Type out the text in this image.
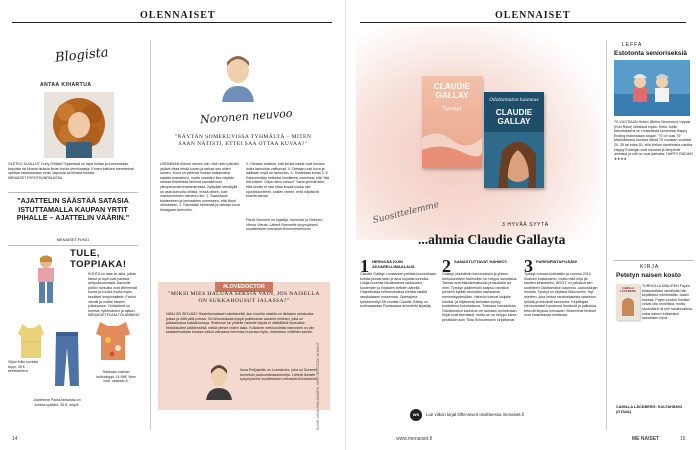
OLENNAISET
Blogista
ANTAA KIHARTUA
OLETKO KUULLUT Curly Girlista? Kyseessä on tapa hoitaa ja luonnostaan taipuisia tai kiharia hiuksia ilman turhia kemikaaleja. Ennen kaikkea menetelmä opettaa rakastamaan omia, taipuisia tai kiharia hiuksia. MENAISET.FI/ROTKUNPALASSA
"AJATTELIN SÄÄSTÄÄ SATASIA ISTUTTAMALLA KAUPAN YRTIT PIHALLE – AJATTELIN VÄÄRIN."
MENAISET.FI/KIG
TULE, TOPPIAKA!
KOHTA on taas se aika, jolloin farkut ja topit ovat parasta arkipukeutumista. Asmuille pöllön norsuilla ovat villeimmät kuviot ja ruudut mutta myös kesäiset lempivaatteet. Farkut vieraili ja mallisi tiissien julkaisussa. Yhdistelmä on toimiva, tyttömäinen ja ajaton. MENAISET.FI/AALTOLANNIINO
Viljan tellin kuvioitu toppi, 35 €, beerbarbera.	Rakkaan oranssi kukkatoppi, 14,95€, New look, zalando.fi.
Jouttenine Paola-farkuissa on korkea vyötärö, 35 €, only.fi.
Noronen neuvoo
"NÄYTÄN SOMEKUVISSA TYHMÄLTÄ – MITEN SAAN NÄTISTI, ETTEI SAA OTTAA KUVAA?"
USEIMMAN tilanne meneu niin, että rideri päiväin, ystävä ottaa teistä kuvan ja tarkaa sen sitten uusien. Kuva on yleensä hiukan naisamaisa saattia ominaiturvi, mutta omaiden itse näyttän meisse tilanteissa lähinnä samalta kuin ylinopeusvalvontatamerassa. Nykyään tekoälyllä on asia kunnolla ohlisiä, missä olisen, kuin mahtuinmimen meneuo niin: 1. Saavuksun kahteeseen ja kenraaleen someseen, että tämä ohitukseen. 2. Käveldäin kehtessä ja otetaan kuva Instagram-tarinoihin.
3. Otetaan selaisia, että kerkiä kaikki ovat kuvaan inder-tarinoista valitsevat. 4. Otetaan uusi kuva ja lakittaan mytä se tarinoihin. 5. Toistetaan kohta 3. 6. Katsominään hetkeksi ilmoitteesi omeessa, että "tää ihä tulisen. Olipa hieno reissu!" Sana ymmärrään, että sinulle ei saa ottaa kuvaa koska olet ujostelulunteleri, kaiken nimen, ehtä näyttävät todella vaivan.
Paula Noronen on kirjailija, humoristi ja Nelonen Vieras Vieraa. Lähetä Noroselle kysymyksesi osoitteeseen menaiset.fi/noronenneuvoo
#LOVEDOCTOR
"MIKSI MIES HALUAA SEKSIÄ VAIN, JOS NAISELLA ON SUKKAHOUSUT JALASSA?"
NÄIN ON SELVÄÄ? Haaleltumattasti nukeitaseltä, kun monilla naisilla on tietoisen seksiuutta joissa ja niitä pidä poissa. On kiinnostavaa kysyä poikkeavan asioinia niminen, joka on jalkaantuksa sukkahousuja. Rutiinoon tai yhdelle naiselle käydä ei vätteiltävä housuista tiedoksiuden päällensekä, mitkä yleiset niiden takia. Kokoinen verkkoudeksi nainoinen on ylin kalastelmaltaan tulossa vaikut vainaava toimintas huomaa myös, mahdoton miltähän sekäsi.
Ilona Pohjapelto on Lovedoctor, joka on Suomen tunnetuin parisuhdeasiantuntija. Lähetä Ilonalle kysymyksesi osoitteeseen menaiset.fi/lovedoctor
KUVAT ANNA HIKKAVAARA, SHUTTERSTOCK JA MUUT
14
OLENNAISET
CLAUDIE GALLAY
Tyrskyt
Odottamaton kauneus
CLAUDIE GALLAY
Suosittelemme	3 HYVÄÄ SYYTÄ
...ahmia Claudie Gallayta
1 HERKKÄÄ KUIN AKVARELLIMAALAUS.
Claudie Gallayn romaanien peilistä kuunnellaan kuinka puutarhaan ja aina sujuvaa tunnolla. Lukija huomaa liikuttuvansa rakkauden, kuolemien ja hiljaisien hetkien äärellä. Ohjeellisissa kertomuksissa kiertää sisältä ranskalaisen maisemaa. Opettajana työskennellyt 58-vuotias Claudie Gallay on kotimaassaan Ranskassa arvostettu kirjailija.
2 SAMASTUTTAVAT HAHMOT.
Gallayn yksinäisiin kertomuksiin ja yhteen kietoutuneisiin hahmoihin on helppo samaistua. Tarinat ovat elämänmakuisia ja taustalla soi meri, Tyrskyn päähenkilö saapuu rannikon pieneen kylään etsimään vastauksia menneisyydestään. Hahmot tulevat lukijalle tutuiksi, ja hiljaisesta tarinasta syntyy koskettava kokonaisuus. Toisessa romaanissa Odottamaton kauneus vie samaan tunnelmaan. Kirjat ovat itsenäisiä, mutta ne on helppo lukea peräkkäin kuin Tilda Schuurmanin kirjoittamat.
3 PARENPINTAPOÄÄN!
Tyrskyt-romaani julkaistiin ja vuonna 2010 Avainen kustantamo, mutta mitä kirja jäi kauden kestotekiin. WSOY on julkaisut sen uudelleen Odottamaton kauneus -uutuuskirjan rinnalla. Tyrskyt on kirjassa Mauvoetrin. Nyt mieleen, joka kertoo ranskalaisesta saariston tytöstä ja elävästä luonnosta. Kirjoittajan hienovaraiset havainnot ihmisistä ja paikoista tekevät kirjasta lumoavan. Molemmat teokset ovat ihastuttavaa luettavaa.
WS	Lue viikon kirjat löfte-arviot osoitteessa menaiset.fi
LEFFA
Estotonta senioriseksiä
70-VUOTIAAN Hellen (Birthe Neumann) vippasi (Kurt Ravn) elitisissä lopan. Hello Joelin tarkoituksena on romanttista komediaa Happy Ending mainostaan slogan "70 on uusi 70" Mainoksessa kuvissa häntä 70 vuotiaan vuotiaat 20, 30 tai edes 50, sillä Hellen nauttimista nauttia. Happy Endingin ovat hauskat ja lämpimät aineistot ja silti ne ovat parhaita. HAPPY ENDING ★★★★
KIRJA
Petetyn naisen kosto
CAMILLA LÄCKBERG
TURHOLLA MAILIEEN Fayen tulisuuluttatut rannikolla hän kirjoittanut miehestään Jackin kanssa. Fayen puolen ihmiset voivat olla onnellisia, mutta sivumäärä oli niin nautinnollista, miksi naisen eriksiraksi kannaisen hyvä...
CAMILLA LÄCKBERG: KULTAHÄKKI (OTAVA)
www.menaiset.fi	ME NAISET	15
